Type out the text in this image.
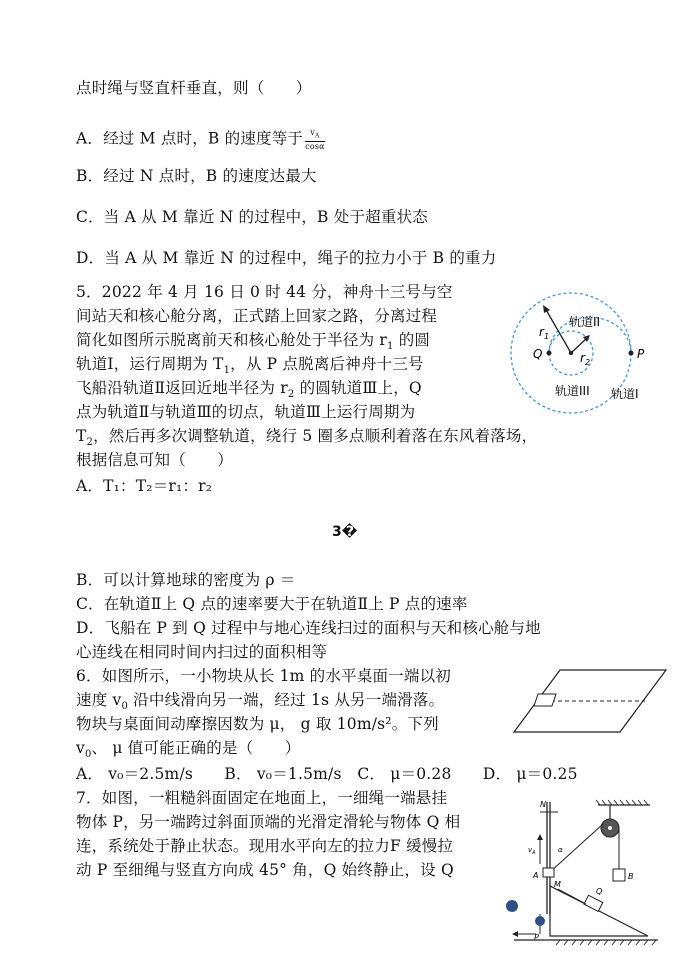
点时绳与竖直杆垂直，则（　　）
A．经过 M 点时，B 的速度等于 $\frac{v_A}{\cos\alpha}$
B．经过 N 点时，B 的速度达最大
C．当 A 从 M 靠近 N 的过程中，B 处于超重状态
D．当 A 从 M 靠近 N 的过程中，绳子的拉力小于 B 的重力
5．2022 年 4 月 16 日 0 时 44 分，神舟十三号与空
间站天和核心舱分离，正式踏上回家之路，分离过程
简化如图所示脱离前天和核心舱处于半径为 $r_1$ 的圆
轨道Ⅰ，运行周期为 $T_1$，从 P 点脱离后神舟十三号
飞船沿轨道Ⅱ返回近地半径为 $r_2$ 的圆轨道Ⅲ上，Q
点为轨道Ⅱ与轨道Ⅲ的切点，轨道Ⅲ上运行周期为
$T_2$，然后再多次调整轨道，绕行 5 圈多点顺利着落在东风着落场，
根据信息可知（　　）
A．T₁：T₂＝r₁：r₂
$r_1$
$r_2$
轨道II
轨道III 轨道I
Q	P
3�
B．可以计算地球的密度为 ρ ＝
C．在轨道Ⅱ上 Q 点的速率要大于在轨道Ⅱ上 P 点的速率
D．飞船在 P 到 Q 过程中与地心连线扫过的面积与天和核心舱与地
心连线在相同时间内扫过的面积相等
6．如图所示，一小物块从长 1m 的水平桌面一端以初
速度 $v_0$ 沿中线滑向另一端，经过 1s 从另一端滑落。
物块与桌面间动摩擦因数为 μ， g 取 10m/s²。下列
$v_0$、 μ 值可能正确的是（　　）
A． v₀＝2.5m/s　　B． v₀＝1.5m/s　C． μ＝0.28　　D． μ＝0.25
7．如图，一粗糙斜面固定在地面上，一细绳一端悬挂
物体 P，另一端跨过斜面顶端的光滑定滑轮与物体 Q 相
连，系统处于静止状态。现用水平向左的拉力F 缓慢拉
动 P 至细绳与竖直方向成 45° 角，Q 始终静止，设 Q
N
B
α
$v_A$
A
M
Q
P
